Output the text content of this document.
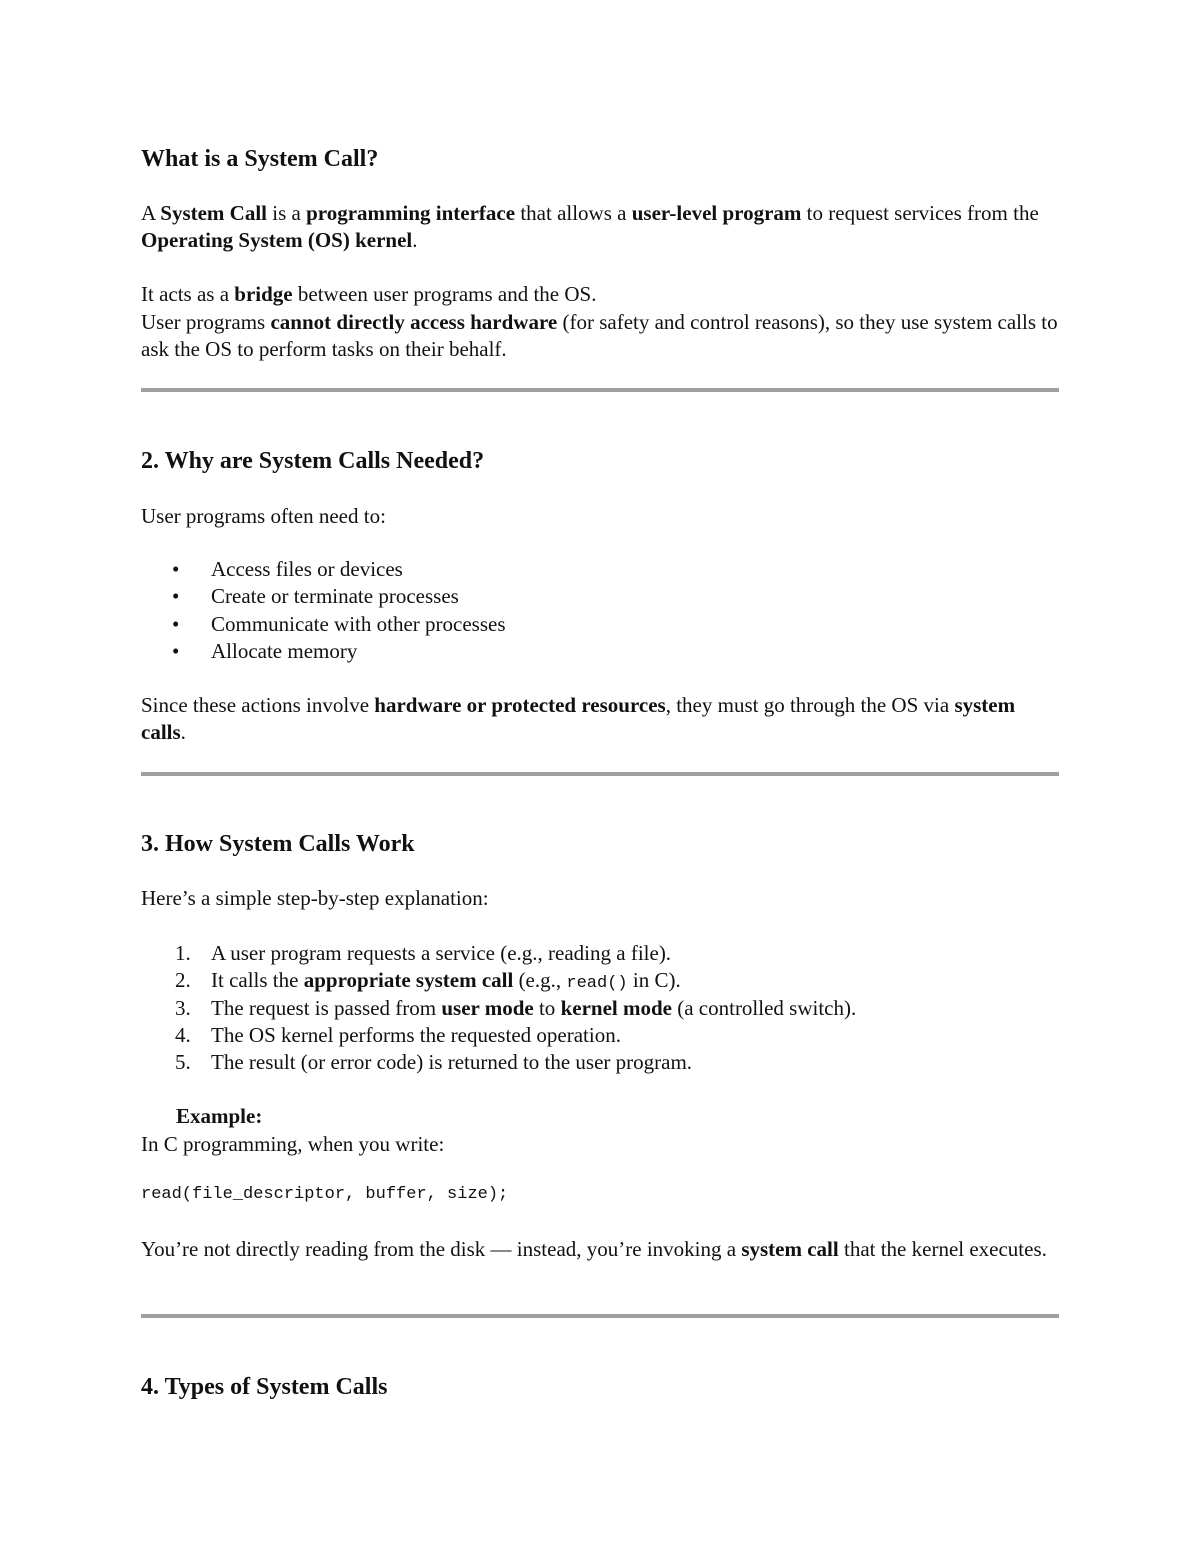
What is a System Call?

A System Call is a programming interface that allows a user-level program to request services from the Operating System (OS) kernel.

It acts as a bridge between user programs and the OS.

User programs cannot directly access hardware (for safety and control reasons), so they use system calls to ask the OS to perform tasks on their behalf.

2. Why are System Calls Needed?

User programs often need to:

• Access files or devices
• Create or terminate processes
• Communicate with other processes
• Allocate memory

Since these actions involve hardware or protected resources, they must go through the OS via system calls.

3. How System Calls Work

Here’s a simple step-by-step explanation:

1. A user program requests a service (e.g., reading a file).
2. It calls the appropriate system call (e.g., read() in C).
3. The request is passed from user mode to kernel mode (a controlled switch).
4. The OS kernel performs the requested operation.
5. The result (or error code) is returned to the user program.

Example:

In C programming, when you write:

read(file_descriptor, buffer, size);

You’re not directly reading from the disk — instead, you’re invoking a system call that the kernel executes.

4. Types of System Calls
